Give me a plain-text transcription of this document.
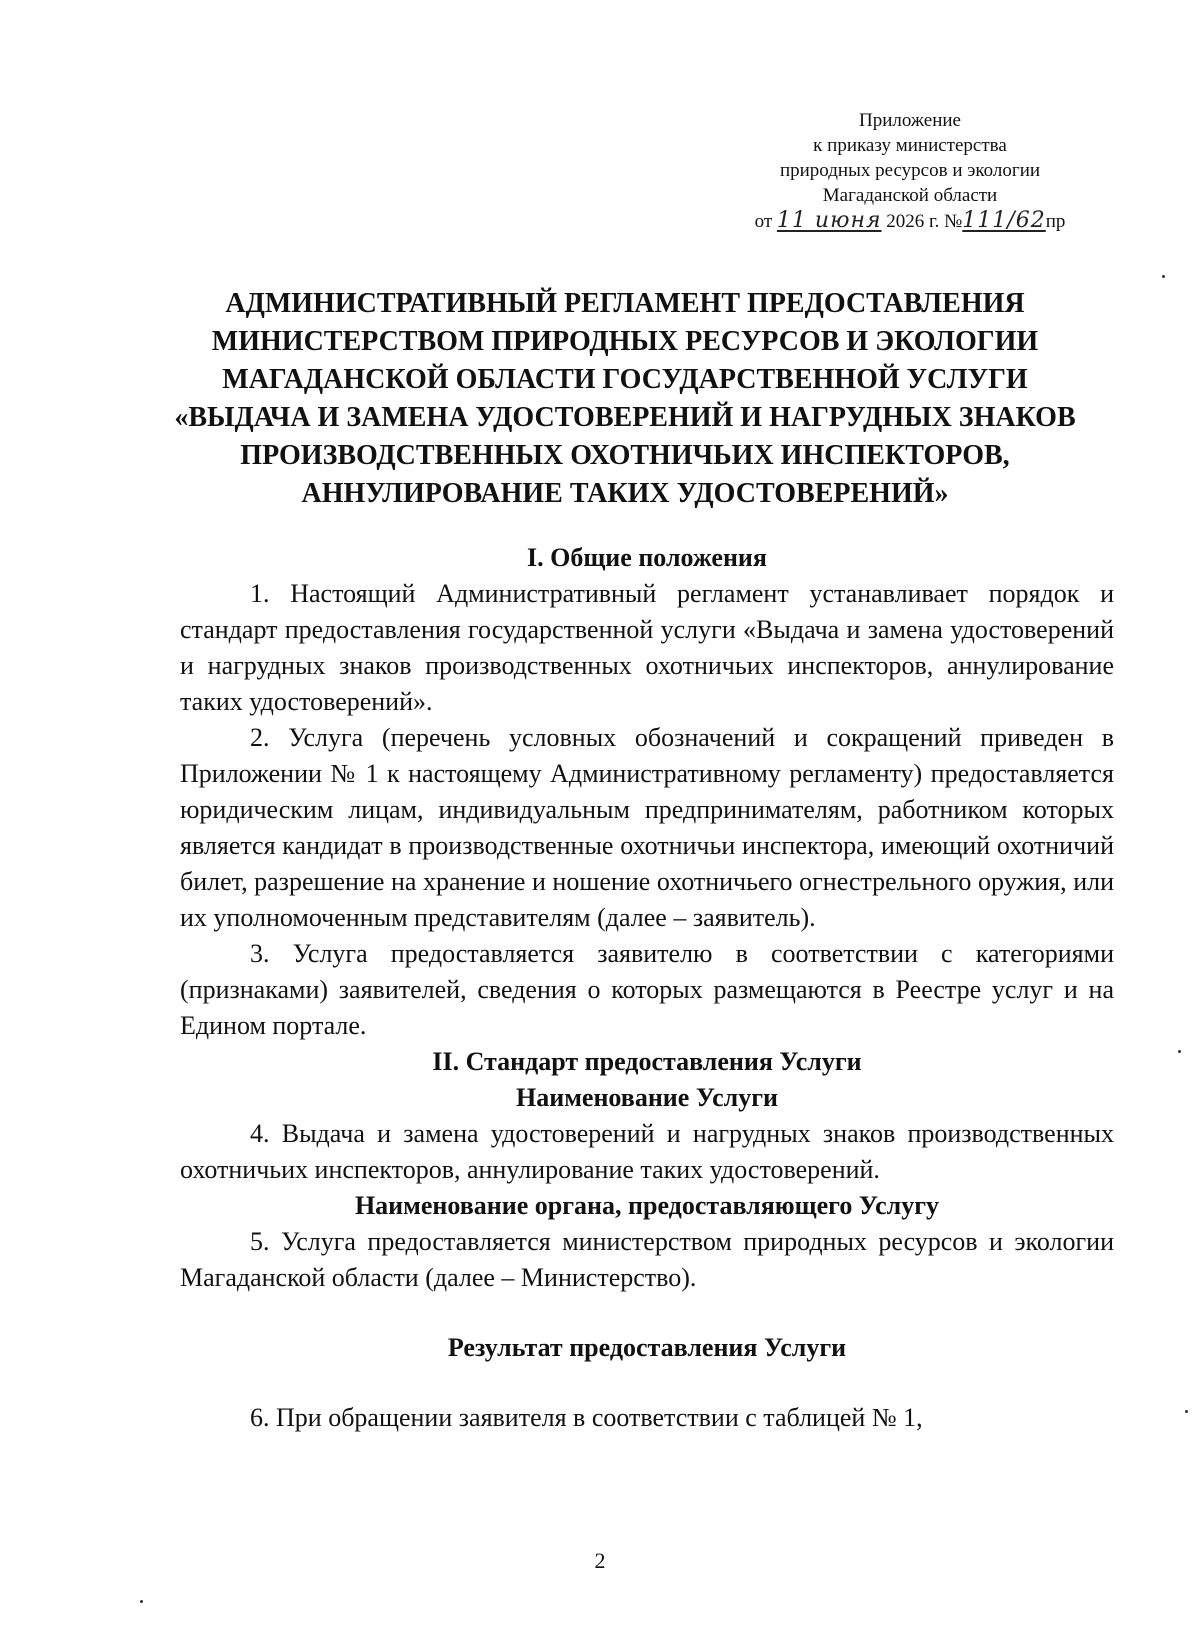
Приложение
к приказу министерства
природных ресурсов и экологии
Магаданской области
от 11 июня 2026 г. №111/62пр
АДМИНИСТРАТИВНЫЙ РЕГЛАМЕНТ ПРЕДОСТАВЛЕНИЯ
МИНИСТЕРСТВОМ ПРИРОДНЫХ РЕСУРСОВ И ЭКОЛОГИИ
МАГАДАНСКОЙ ОБЛАСТИ ГОСУДАРСТВЕННОЙ УСЛУГИ
«ВЫДАЧА И ЗАМЕНА УДОСТОВЕРЕНИЙ И НАГРУДНЫХ ЗНАКОВ
ПРОИЗВОДСТВЕННЫХ ОХОТНИЧЬИХ ИНСПЕКТОРОВ,
АННУЛИРОВАНИЕ ТАКИХ УДОСТОВЕРЕНИЙ»
I. Общие положения

1. Настоящий Административный регламент устанавливает порядок и стандарт предоставления государственной услуги «Выдача и замена удостоверений и нагрудных знаков производственных охотничьих инспекторов, аннулирование таких удостоверений».

2. Услуга (перечень условных обозначений и сокращений приведен в Приложении № 1 к настоящему Административному регламенту) предоставляется юридическим лицам, индивидуальным предпринимателям, работником которых является кандидат в производственные охотничьи инспектора, имеющий охотничий билет, разрешение на хранение и ношение охотничьего огнестрельного оружия, или их уполномоченным представителям (далее – заявитель).

3. Услуга предоставляется заявителю в соответствии с категориями (признаками) заявителей, сведения о которых размещаются в Реестре услуг и на Едином портале.

II. Стандарт предоставления Услуги
Наименование Услуги

4. Выдача и замена удостоверений и нагрудных знаков производственных охотничьих инспекторов, аннулирование таких удостоверений.

Наименование органа, предоставляющего Услугу

5. Услуга предоставляется министерством природных ресурсов и экологии Магаданской области (далее – Министерство).

Результат предоставления Услуги

6. При обращении заявителя в соответствии с таблицей № 1,

2
